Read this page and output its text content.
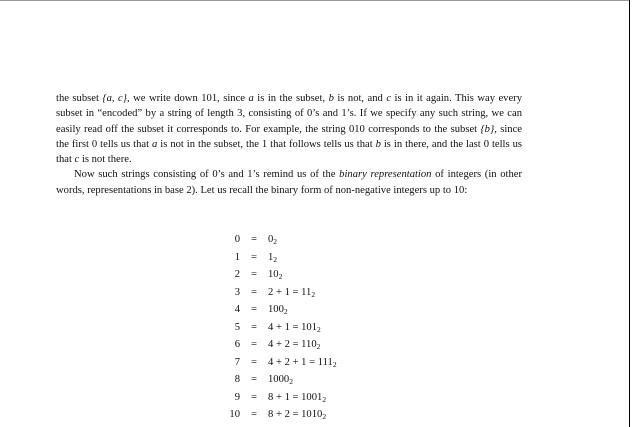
the subset {a, c}, we write down 101, since a is in the subset, b is not, and c is in it again. This way every subset in “encoded” by a string of length 3, consisting of 0’s and 1’s. If we specify any such string, we can easily read off the subset it corresponds to. For example, the string 010 corresponds to the subset {b}, since the first 0 tells us that a is not in the subset, the 1 that follows tells us that b is in there, and the last 0 tells us that c is not there.

Now such strings consisting of 0’s and 1’s remind us of the binary representation of integers (in other words, representations in base 2). Let us recall the binary form of non-negative integers up to 10:

0	=	$0_2$
1	=	$1_2$
2	=	$10_2$
3	=	$2 + 1 = 11_2$
4	=	$100_2$
5	=	$4 + 1 = 101_2$
6	=	$4 + 2 = 110_2$
7	=	$4 + 2 + 1 = 111_2$
8	=	$1000_2$
9	=	$8 + 1 = 1001_2$
10	=	$8 + 2 = 1010_2$
